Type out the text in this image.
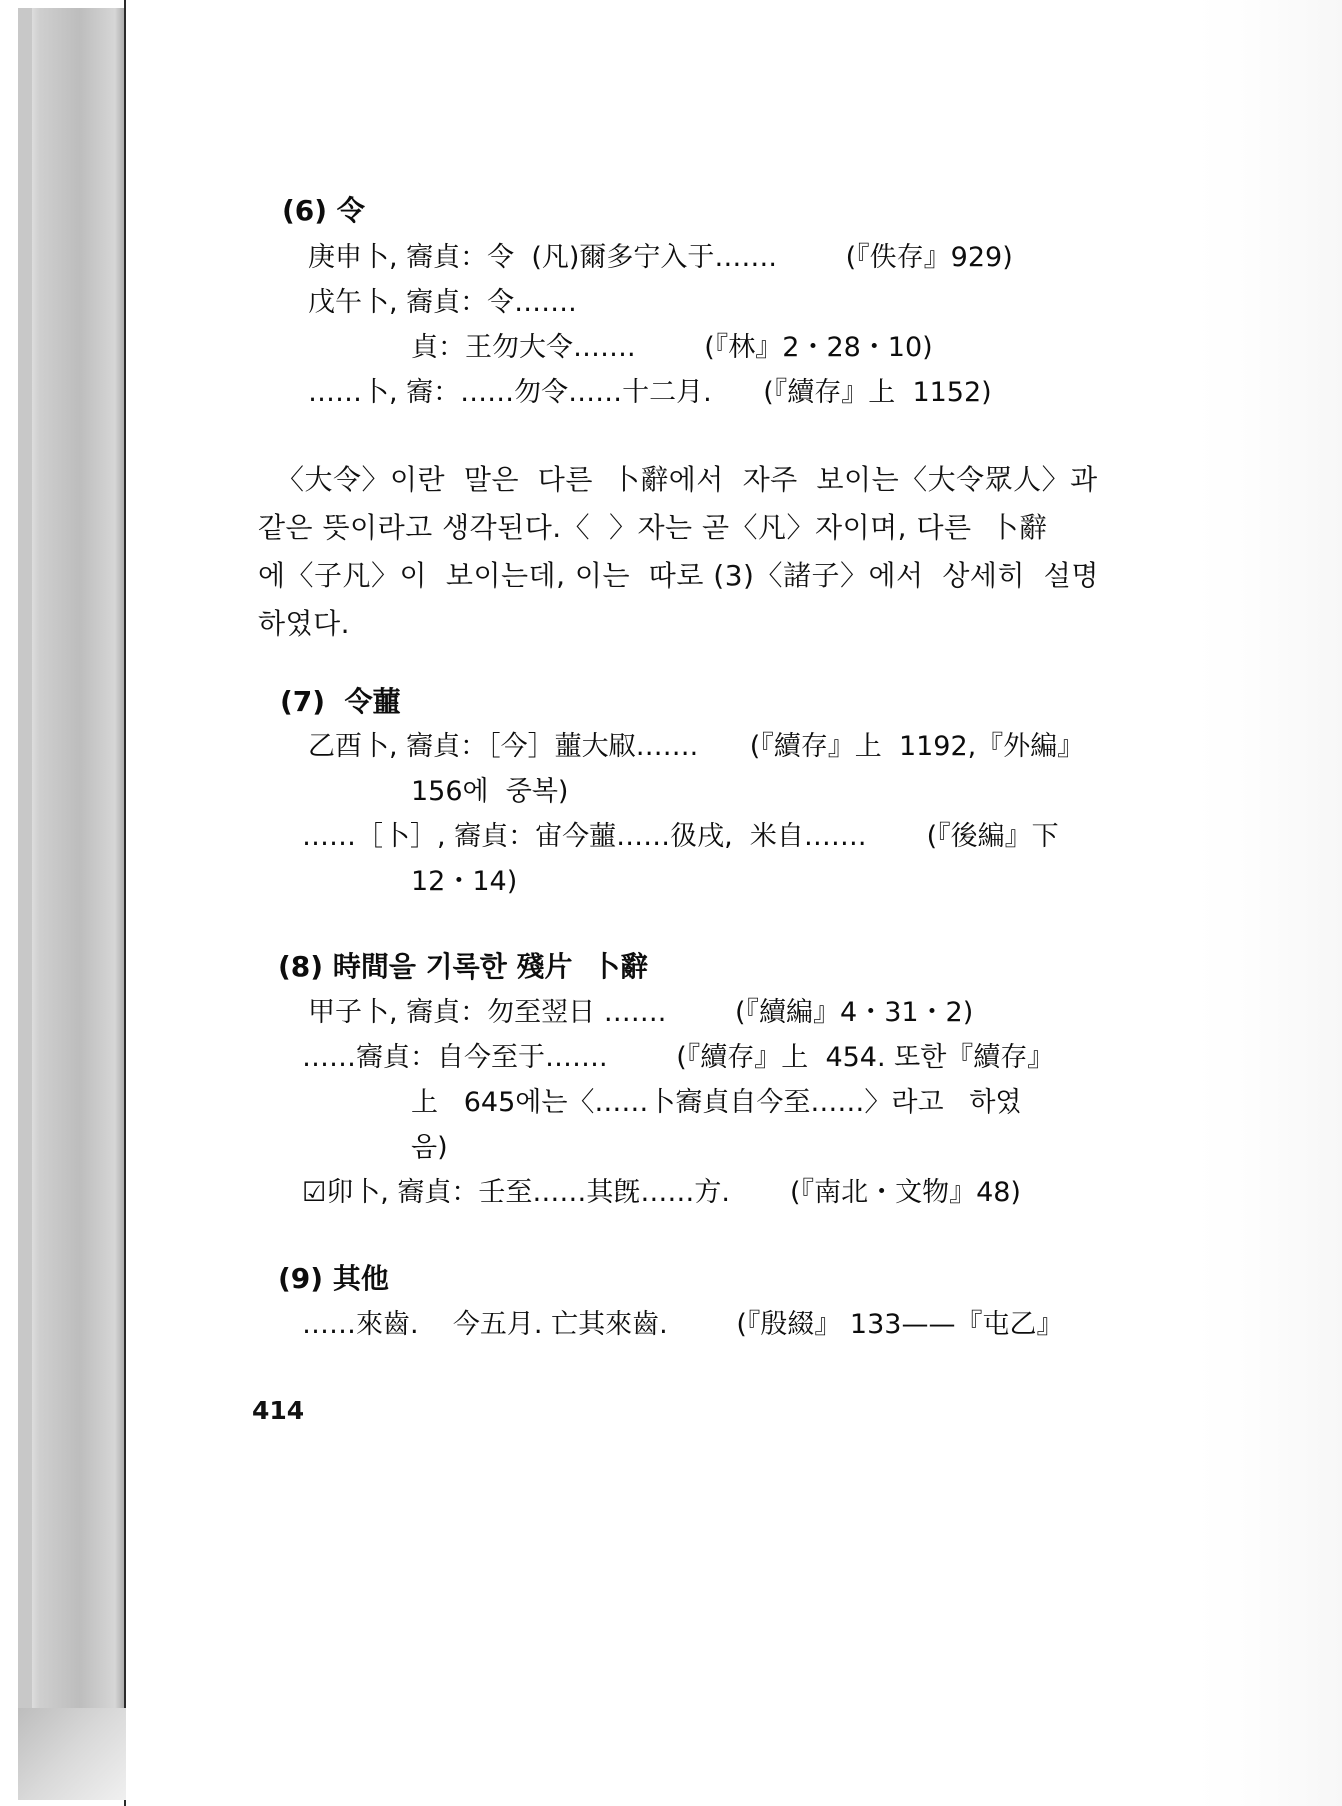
(6) 令
庚申卜, 㝯貞：令  (凡)爾多宁入于…….        (『佚存』929)
戊午卜, 㝯貞：令…….
貞：王勿大令…….        (『林』2・28・10)
……卜, 㝯：……勿令……十二月.      (『續存』上  1152)
〈大令〉이란  말은  다른  卜辭에서  자주  보이는〈大令眾人〉과
같은 뜻이라고 생각된다.〈  〉자는 곧〈凡〉자이며, 다른  卜辭
에〈子凡〉이  보이는데, 이는  따로 (3)〈諸子〉에서  상세히  설명
하였다.
(7)  令蘁
乙酉卜, 㝯貞：［今］蘁大㕞…….      (『續存』上  1192,『外編』
156에  중복)
……［卜］, 㝯貞：宙今蘁……彶戌,  米自…….       (『後編』下
12・14)
(8) 時間을 기록한 殘片  卜辭
甲子卜, 㝯貞：勿至翌日 …….        (『續編』4・31・2)
……㝯貞：自今至于…….        (『續存』上  454. 또한『續存』
上   645에는〈……卜㝯貞自今至……〉라고   하였
음)
☑卯卜, 㝯貞：壬至……其旣……方.       (『南北・文物』48)
(9) 其他
……來齒.    今五月. 亡其來齒.        (『殷綴』 133——『屯乙』
414
